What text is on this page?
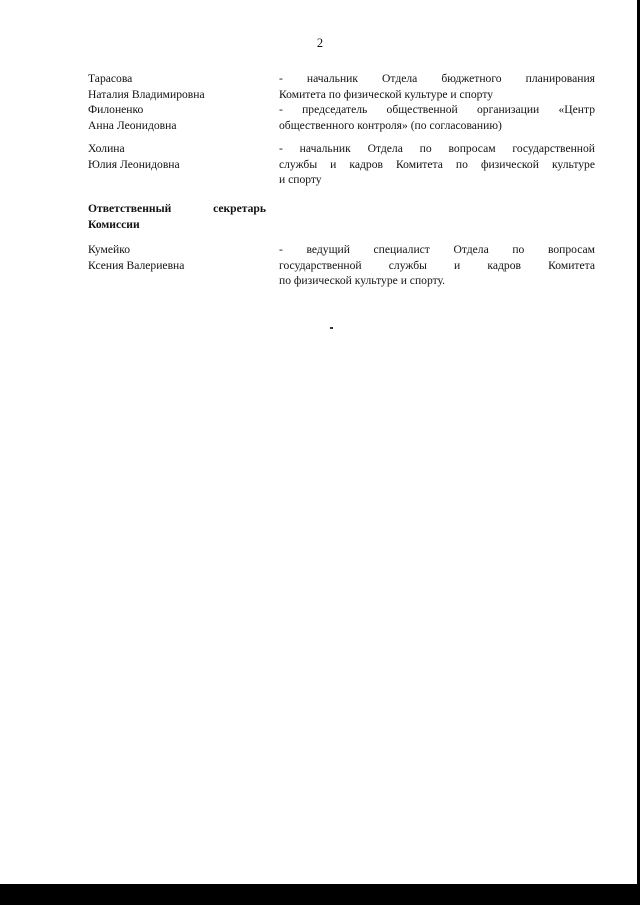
2
Тарасова
Наталия Владимировна
- начальник Отдела бюджетного планирования
Комитета по физической культуре и спорту
Филоненко
Анна Леонидовна
- председатель общественной организации «Центр
общественного контроля» (по согласованию)
Холина
Юлия Леонидовна
- начальник Отдела по вопросам государственной
службы и кадров Комитета по физической культуре
и спорту
Ответственный секретарь
Комиссии
Кумейко
Ксения Валериевна
- ведущий специалист Отдела по вопросам
государственной службы и кадров Комитета
по физической культуре и спорту.
